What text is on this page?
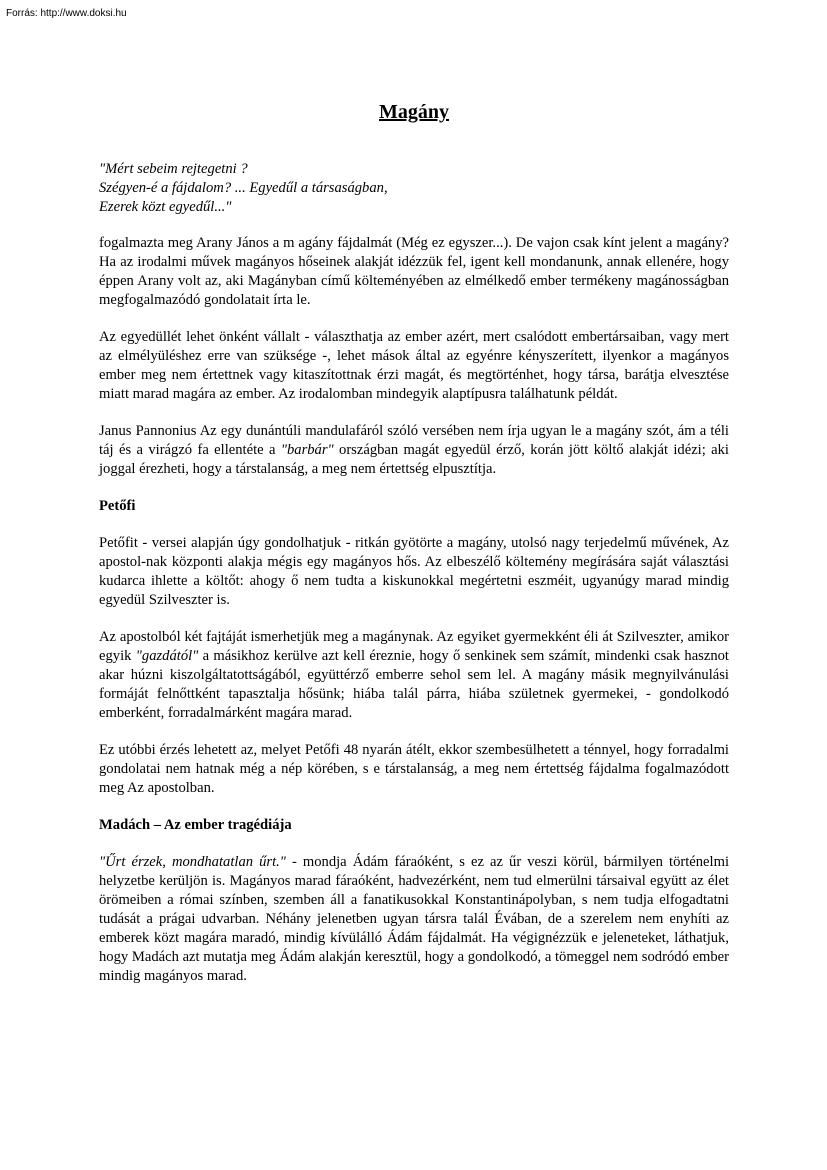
Forrás: http://www.doksi.hu
Magány
"Mért sebeim rejtegetni ?
Szégyen-é a fájdalom? ... Egyedűl a társaságban,
Ezerek közt egyedűl..."

fogalmazta meg Arany János a m agány fájdalmát (Még ez egyszer...). De vajon csak kínt jelent a magány? Ha az irodalmi művek magányos hőseinek alakját idézzük fel, igent kell mondanunk, annak ellenére, hogy éppen Arany volt az, aki Magányban című költeményében az elmélkedő ember termékeny magánosságban megfogalmazódó gondolatait írta le.

Az egyedüllét lehet önként vállalt - választhatja az ember azért, mert csalódott embertársaiban, vagy mert az elmélyüléshez erre van szüksége -, lehet mások által az egyénre kényszerített, ilyenkor a magányos ember meg nem értettnek vagy kitaszítottnak érzi magát, és megtörténhet, hogy társa, barátja elvesztése miatt marad magára az ember. Az irodalomban mindegyik alaptípusra találhatunk példát.

Janus Pannonius Az egy dunántúli mandulafáról szóló versében nem írja ugyan le a magány szót, ám a téli táj és a virágzó fa ellentéte a "barbár" országban magát egyedül érző, korán jött költő alakját idézi; aki joggal érezheti, hogy a társtalanság, a meg nem értettség elpusztítja.

Petőfi

Petőfit - versei alapján úgy gondolhatjuk - ritkán gyötörte a magány, utolsó nagy terjedelmű művének, Az apostol-nak központi alakja mégis egy magányos hős. Az elbeszélő költemény megírására saját választási kudarca ihlette a költőt: ahogy ő nem tudta a kiskunokkal megértetni eszméit, ugyanúgy marad mindig egyedül Szilveszter is.

Az apostolból két fajtáját ismerhetjük meg a magánynak. Az egyiket gyermekként éli át Szilveszter, amikor egyik "gazdától" a másikhoz kerülve azt kell éreznie, hogy ő senkinek sem számít, mindenki csak hasznot akar húzni kiszolgáltatottságából, együttérző emberre sehol sem lel. A magány másik megnyilvánulási formáját felnőttként tapasztalja hősünk; hiába talál párra, hiába születnek gyermekei, - gondolkodó emberként, forradalmárként magára marad.

Ez utóbbi érzés lehetett az, melyet Petőfi 48 nyarán átélt, ekkor szembesülhetett a ténnyel, hogy forradalmi gondolatai nem hatnak még a nép körében, s e társtalanság, a meg nem értettség fájdalma fogalmazódott meg Az apostolban.

Madách – Az ember tragédiája

"Űrt érzek, mondhatatlan űrt." - mondja Ádám fáraóként, s ez az űr veszi körül, bármilyen történelmi helyzetbe kerüljön is. Magányos marad fáraóként, hadvezérként, nem tud elmerülni társaival együtt az élet örömeiben a római színben, szemben áll a fanatikusokkal Konstantinápolyban, s nem tudja elfogadtatni tudását a prágai udvarban. Néhány jelenetben ugyan társra talál Évában, de a szerelem nem enyhíti az emberek közt magára maradó, mindig kívülálló Ádám fájdalmát. Ha végignézzük e jeleneteket, láthatjuk, hogy Madách azt mutatja meg Ádám alakján keresztül, hogy a gondolkodó, a tömeggel nem sodródó ember mindig magányos marad.
